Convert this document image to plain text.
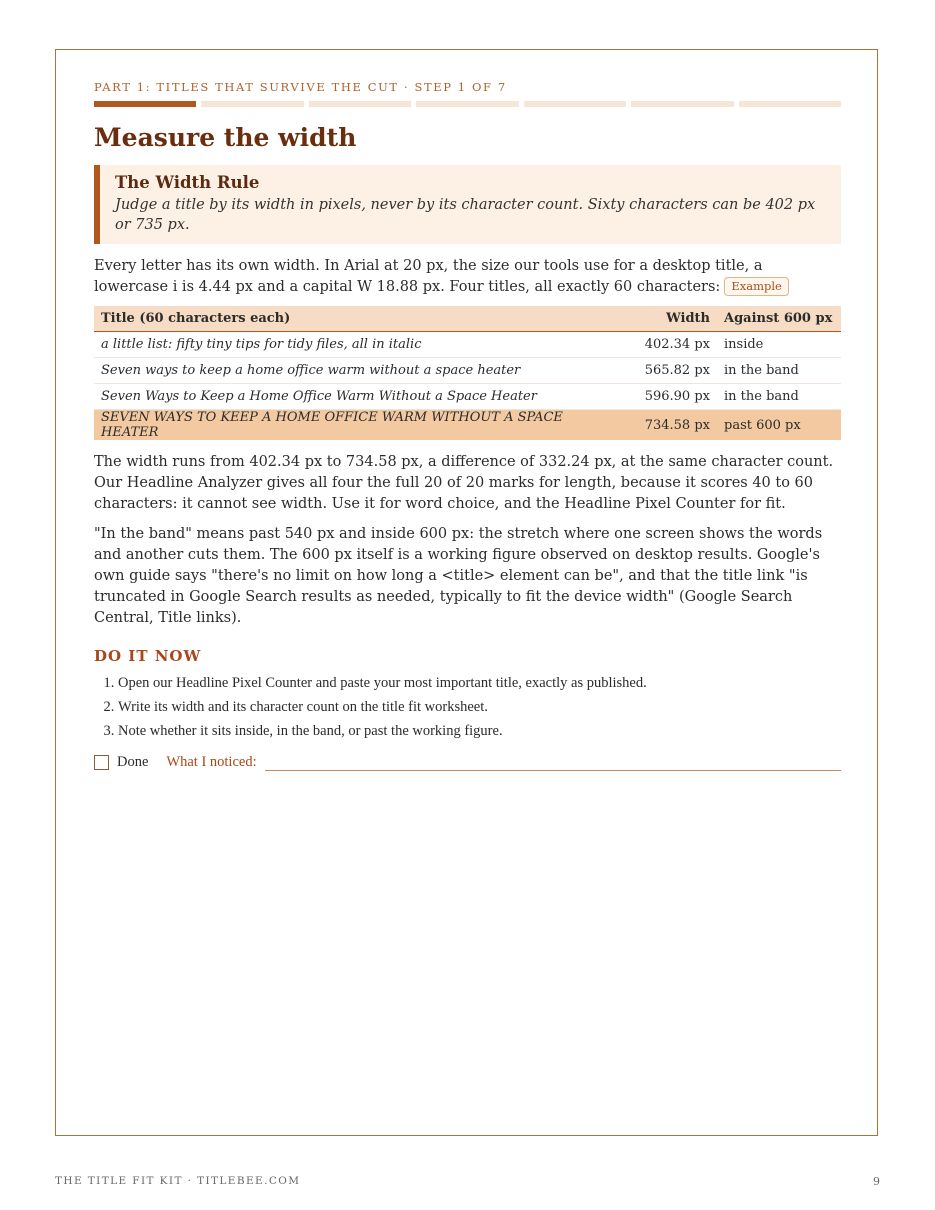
PART 1: TITLES THAT SURVIVE THE CUT · STEP 1 OF 7
Measure the width
The Width Rule
Judge a title by its width in pixels, never by its character count. Sixty characters can be 402 px or 735 px.

Every letter has its own width. In Arial at 20 px, the size our tools use for a desktop title, a lowercase i is 4.44 px and a capital W 18.88 px. Four titles, all exactly 60 characters: Example

Title (60 characters each)	Width	Against 600 px
a little list: fifty tiny tips for tidy files, all in italic	402.34 px	inside
Seven ways to keep a home office warm without a space heater	565.82 px	in the band
Seven Ways to Keep a Home Office Warm Without a Space Heater	596.90 px	in the band
SEVEN WAYS TO KEEP A HOME OFFICE WARM WITHOUT A SPACE HEATER	734.58 px	past 600 px

The width runs from 402.34 px to 734.58 px, a difference of 332.24 px, at the same character count. Our Headline Analyzer gives all four the full 20 of 20 marks for length, because it scores 40 to 60 characters: it cannot see width. Use it for word choice, and the Headline Pixel Counter for fit.

"In the band" means past 540 px and inside 600 px: the stretch where one screen shows the words and another cuts them. The 600 px itself is a working figure observed on desktop results. Google's own guide says "there's no limit on how long a <title> element can be", and that the title link "is truncated in Google Search results as needed, typically to fit the device width" (Google Search Central, Title links).

DO IT NOW
1. Open our Headline Pixel Counter and paste your most important title, exactly as published.
2. Write its width and its character count on the title fit worksheet.
3. Note whether it sits inside, in the band, or past the working figure.
Done What I noticed:
THE TITLE FIT KIT · TITLEBEE.COM	9
